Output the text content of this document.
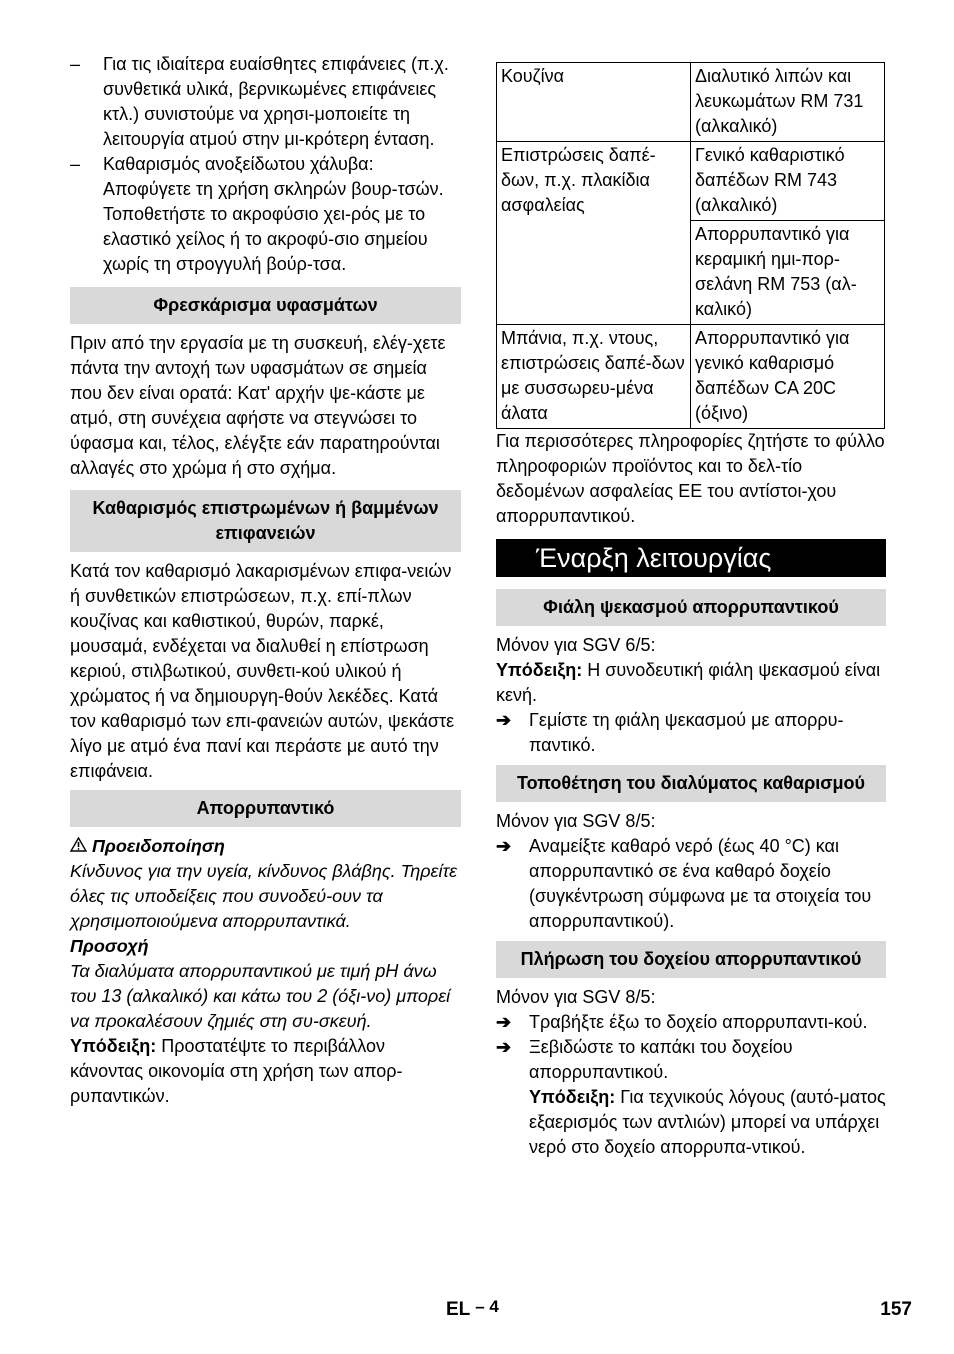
– Για τις ιδιαίτερα ευαίσθητες επιφάνειες (π.χ. συνθετικά υλικά, βερνικωμένες επιφάνειες κτλ.) συνιστούμε να χρησι-μοποιείτε τη λειτουργία ατμού στην μι-κρότερη ένταση.
– Καθαρισμός ανοξείδωτου χάλυβα: Αποφύγετε τη χρήση σκληρών βουρ-τσών. Τοποθετήστε το ακροφύσιο χει-ρός με το ελαστικό χείλος ή το ακροφύ-σιο σημείου χωρίς τη στρογγυλή βούρ-τσα.
Φρεσκάρισμα υφασμάτων

Πριν από την εργασία με τη συσκευή, ελέγ-χετε πάντα την αντοχή των υφασμάτων σε σημεία που δεν είναι ορατά: Κατ' αρχήν ψε-κάστε με ατμό, στη συνέχεια αφήστε να στεγνώσει το ύφασμα και, τέλος, ελέγξτε εάν παρατηρούνται αλλαγές στο χρώμα ή στο σχήμα.

Καθαρισμός επιστρωμένων ή βαμμένων επιφανειών

Κατά τον καθαρισμό λακαρισμένων επιφα-νειών ή συνθετικών επιστρώσεων, π.χ. επί-πλων κουζίνας και καθιστικού, θυρών, παρκέ, μουσαμά, ενδέχεται να διαλυθεί η επίστρωση κεριού, στιλβωτικού, συνθετι-κού υλικού ή χρώματος ή να δημιουργη-θούν λεκέδες. Κατά τον καθαρισμό των επι-φανειών αυτών, ψεκάστε λίγο με ατμό ένα πανί και περάστε με αυτό την επιφάνεια.

Απορρυπαντικό

Προειδοποίηση

Κίνδυνος για την υγεία, κίνδυνος βλάβης. Τηρείτε όλες τις υποδείξεις που συνοδεύ-ουν τα χρησιμοποιούμενα απορρυπαντικά.

Προσοχή

Τα διαλύματα απορρυπαντικού με τιμή pH άνω του 13 (αλκαλικό) και κάτω του 2 (όξι-νο) μπορεί να προκαλέσουν ζημιές στη συ-σκευή.

Υπόδειξη: Προστατέψτε το περιβάλλον κάνοντας οικονομία στη χρήση των απορ-ρυπαντικών.

Κουζίνα	Διαλυτικό λιπών και λευκωμάτων RM 731 (αλκαλικό)
Επιστρώσεις δαπέ-δων, π.χ. πλακίδια ασφαλείας	Γενικό καθαριστικό δαπέδων RM 743 (αλκαλικό)
	Απορρυπαντικό για κεραμική ημι-πορ-σελάνη RM 753 (αλ-καλικό)
Μπάνια, π.χ. ντους, επιστρώσεις δαπέ-δων με συσσωρευ-μένα άλατα	Απορρυπαντικό για γενικό καθαρισμό δαπέδων CA 20C (όξινο)

Για περισσότερες πληροφορίες ζητήστε το φύλλο πληροφοριών προϊόντος και το δελ-τίο δεδομένων ασφαλείας ΕΕ του αντίστοι-χου απορρυπαντικού.

Έναρξη λειτουργίας
Φιάλη ψεκασμού απορρυπαντικού

Μόνον για SGV 6/5:

Υπόδειξη: Η συνοδευτική φιάλη ψεκασμού είναι κενή.

➔ Γεμίστε τη φιάλη ψεκασμού με απορρυ-παντικό.
Τοποθέτηση του διαλύματος καθαρισμού

Μόνον για SGV 8/5:

➔ Αναμείξτε καθαρό νερό (έως 40 °C) και απορρυπαντικό σε ένα καθαρό δοχείο (συγκέντρωση σύμφωνα με τα στοιχεία του απορρυπαντικού).
Πλήρωση του δοχείου απορρυπαντικού

Μόνον για SGV 8/5:

➔ Τραβήξτε έξω το δοχείο απορρυπαντι-κού.
➔ Ξεβιδώστε το καπάκι του δοχείου απορρυπαντικού.
Υπόδειξη: Για τεχνικούς λόγους (αυτό-ματος εξαερισμός των αντλιών) μπορεί να υπάρχει νερό στο δοχείο απορρυπα-ντικού.
EL – 4	157
